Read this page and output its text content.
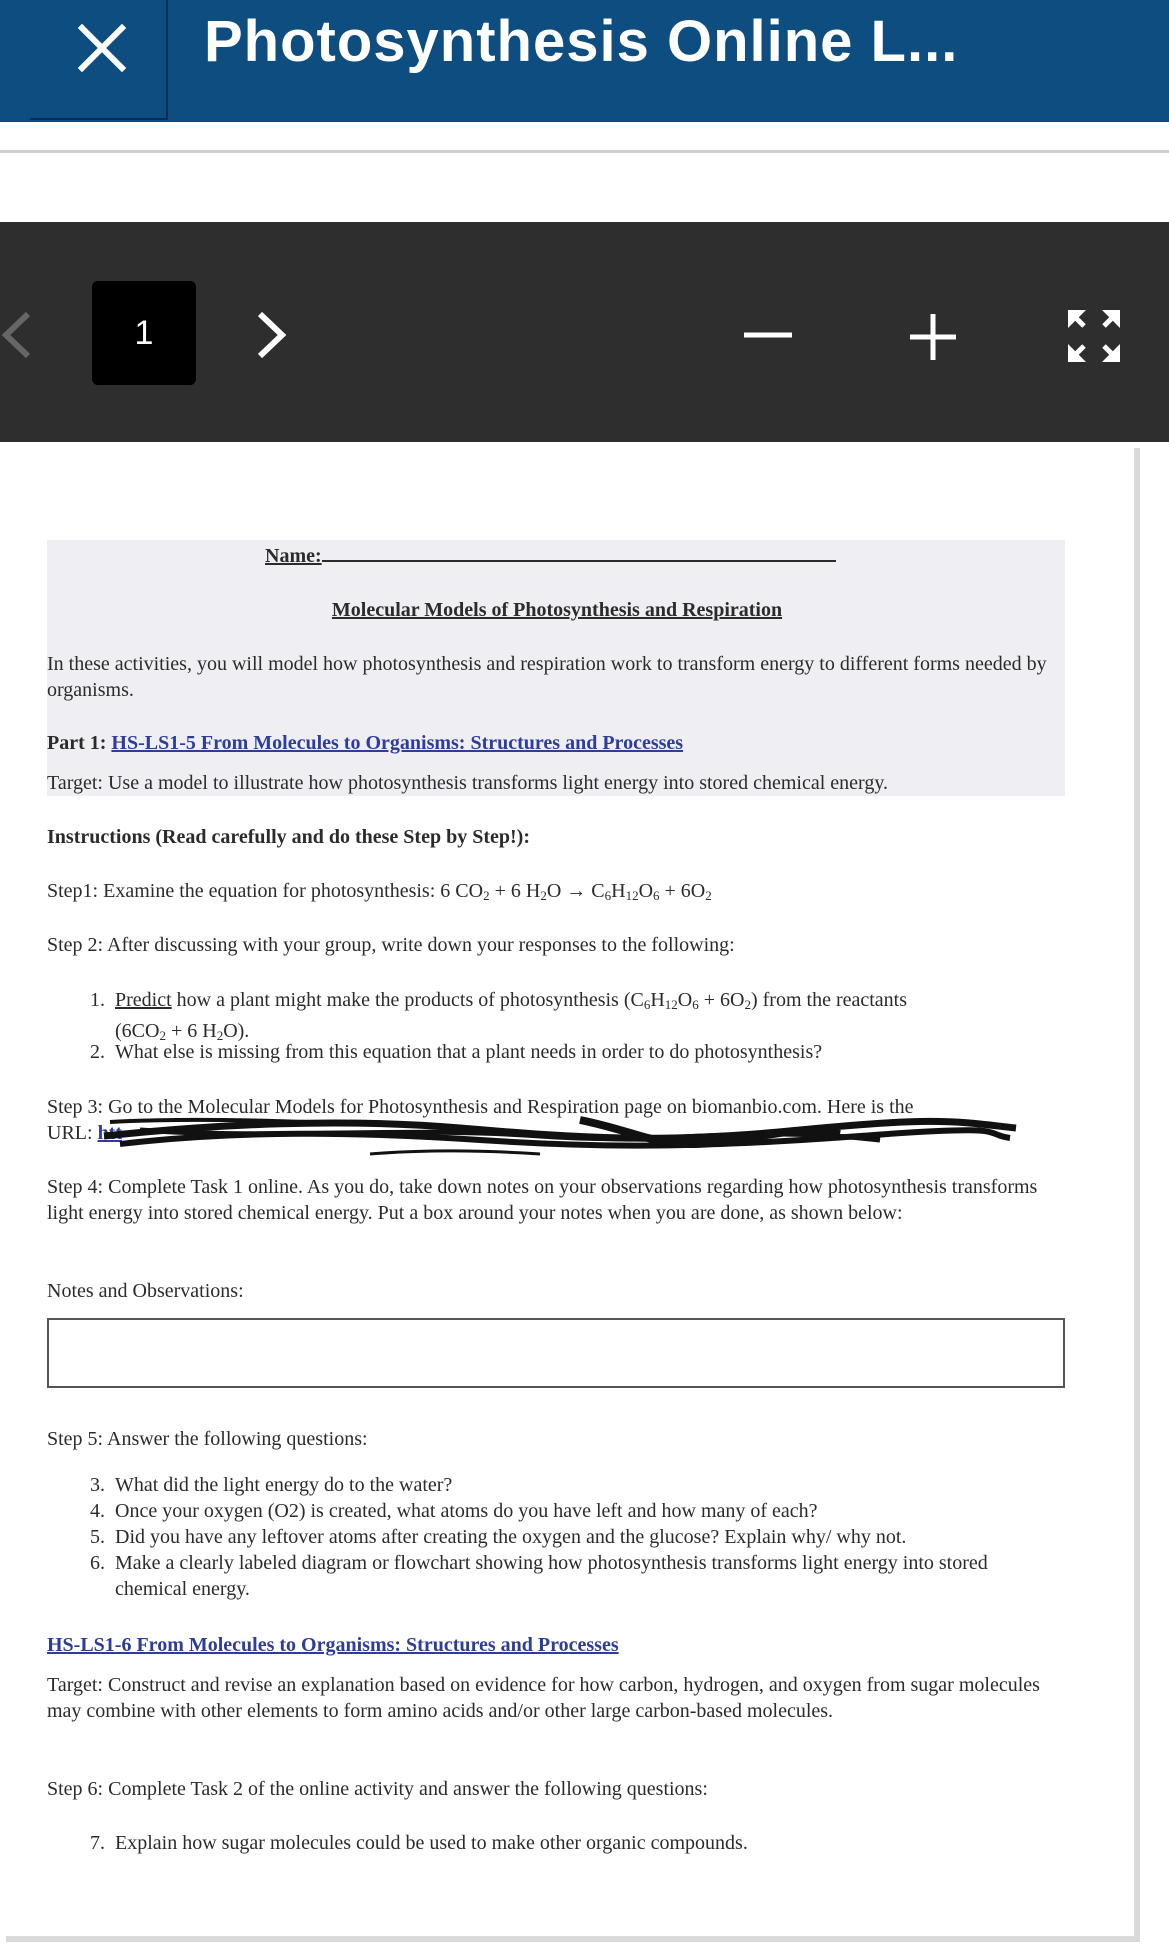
Photosynthesis Online L...
1
Name:
Molecular Models of Photosynthesis and Respiration
In these activities, you will model how photosynthesis and respiration work to transform energy to different forms needed by organisms.
Part 1: HS-LS1-5 From Molecules to Organisms: Structures and Processes
Target: Use a model to illustrate how photosynthesis transforms light energy into stored chemical energy.
Instructions (Read carefully and do these Step by Step!):
Step1: Examine the equation for photosynthesis: 6 $CO_2 + 6$ $H_2O \to C_6H_{12}O_6 + 6O_2$
Step 2: After discussing with your group, write down your responses to the following:
1. Predict how a plant might make the products of photosynthesis $(C_6H_{12}O_6 + 6O_2)$ from the reactants
($6CO_2 + 6$ $H_2O$).
2. What else is missing from this equation that a plant needs in order to do photosynthesis?
Step 3: Go to the Molecular Models for Photosynthesis and Respiration page on biomanbio.com. Here is the
URL: htt
Step 4: Complete Task 1 online. As you do, take down notes on your observations regarding how photosynthesis transforms light energy into stored chemical energy. Put a box around your notes when you are done, as shown below:
Notes and Observations:
Step 5: Answer the following questions:
3. What did the light energy do to the water?
4. Once your oxygen (O2) is created, what atoms do you have left and how many of each?
5. Did you have any leftover atoms after creating the oxygen and the glucose? Explain why/ why not.
6. Make a clearly labeled diagram or flowchart showing how photosynthesis transforms light energy into stored chemical energy.
HS-LS1-6 From Molecules to Organisms: Structures and Processes
Target: Construct and revise an explanation based on evidence for how carbon, hydrogen, and oxygen from sugar molecules may combine with other elements to form amino acids and/or other large carbon-based molecules.
Step 6: Complete Task 2 of the online activity and answer the following questions:
7. Explain how sugar molecules could be used to make other organic compounds.
